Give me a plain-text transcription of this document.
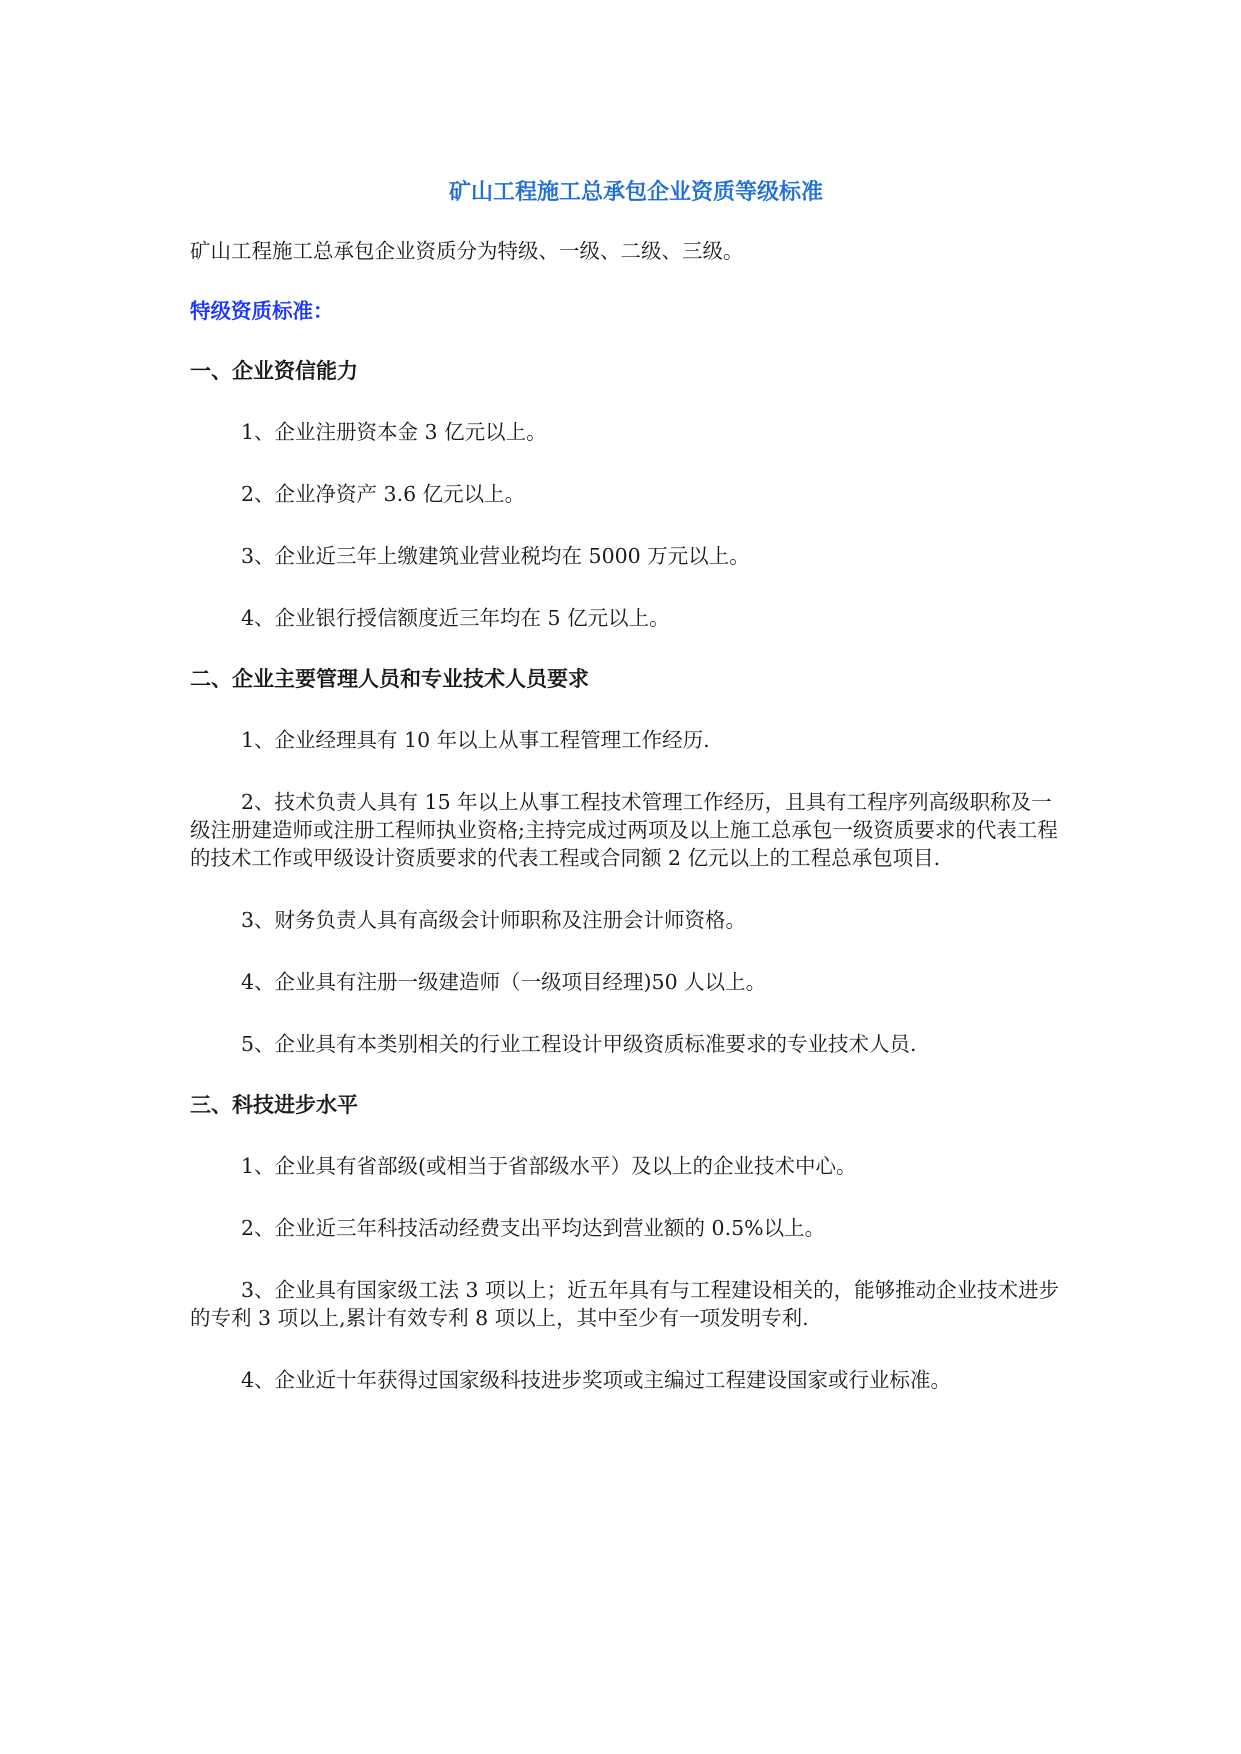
矿山工程施工总承包企业资质等级标准

矿山工程施工总承包企业资质分为特级、一级、二级、三级。

特级资质标准：

一、企业资信能力

1、企业注册资本金 3 亿元以上。

2、企业净资产 3.6 亿元以上。

3、企业近三年上缴建筑业营业税均在 5000 万元以上。

4、企业银行授信额度近三年均在 5 亿元以上。

二、企业主要管理人员和专业技术人员要求

1、企业经理具有 10 年以上从事工程管理工作经历.

2、技术负责人具有 15 年以上从事工程技术管理工作经历，且具有工程序列高级职称及一级注册建造师或注册工程师执业资格;主持完成过两项及以上施工总承包一级资质要求的代表工程的技术工作或甲级设计资质要求的代表工程或合同额 2 亿元以上的工程总承包项目.

3、财务负责人具有高级会计师职称及注册会计师资格。

4、企业具有注册一级建造师（一级项目经理)50 人以上。

5、企业具有本类别相关的行业工程设计甲级资质标准要求的专业技术人员.

三、科技进步水平

1、企业具有省部级(或相当于省部级水平）及以上的企业技术中心。

2、企业近三年科技活动经费支出平均达到营业额的 0.5%以上。

3、企业具有国家级工法 3 项以上；近五年具有与工程建设相关的，能够推动企业技术进步的专利 3 项以上,累计有效专利 8 项以上，其中至少有一项发明专利.

4、企业近十年获得过国家级科技进步奖项或主编过工程建设国家或行业标准。
